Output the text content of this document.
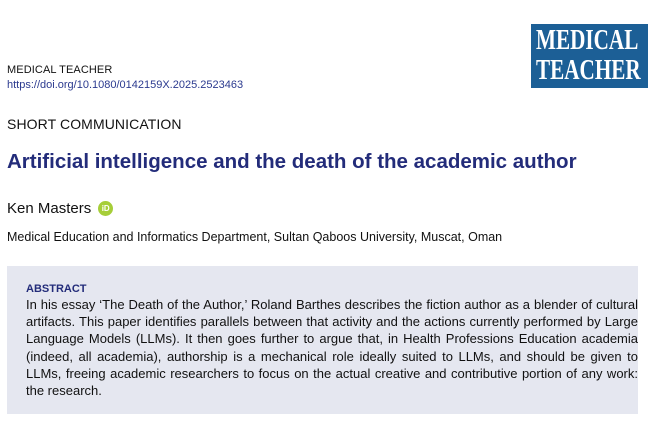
MEDICAL TEACHER
https://doi.org/10.1080/0142159X.2025.2523463
MEDICAL
TEACHER
SHORT COMMUNICATION
Artificial intelligence and the death of the academic author
Ken Masters	iD
Medical Education and Informatics Department, Sultan Qaboos University, Muscat, Oman
ABSTRACT
In his essay ‘The Death of the Author,’ Roland Barthes describes the fiction author as a blender of cultural artifacts. This paper identifies parallels between that activity and the actions currently performed by Large Language Models (LLMs). It then goes further to argue that, in Health Professions Education academia (indeed, all academia), authorship is a mechanical role ideally suited to LLMs, and should be given to LLMs, freeing academic researchers to focus on the actual creative and contributive portion of any work: the research.
